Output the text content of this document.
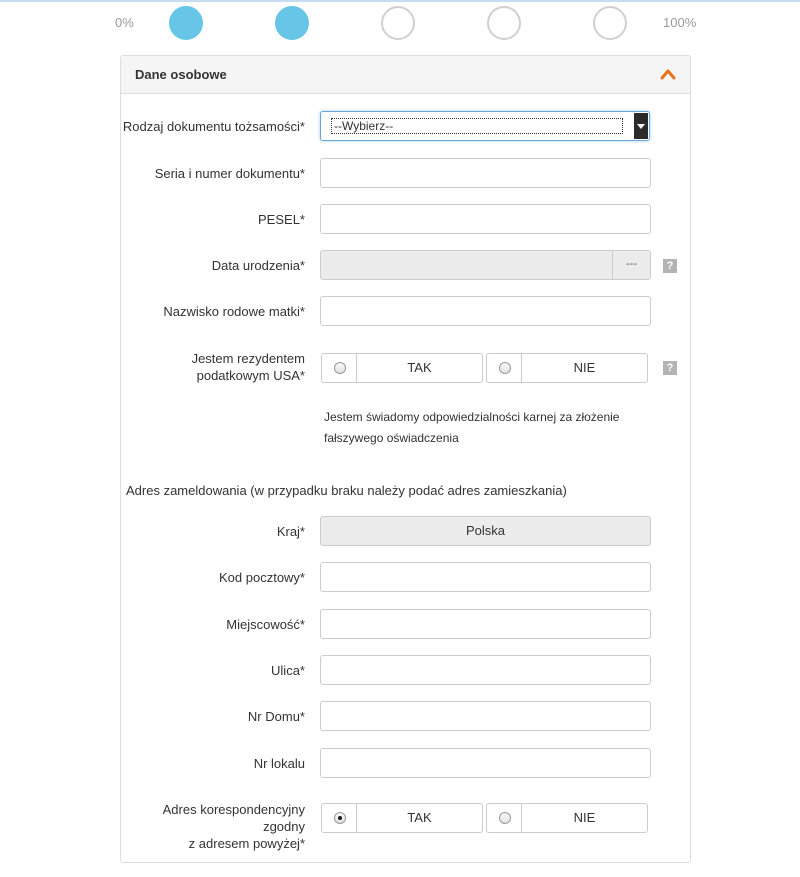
0%	100%
Dane osobowe
Rodzaj dokumentu tożsamości* --Wybierz--
Seria i numer dokumentu*
PESEL*
Data urodzenia*	---	?
Nazwisko rodowe matki*
Jestem rezydentem
podatkowym USA*
TAK	NIE	?
Jestem świadomy odpowiedzialności karnej za złożenie
fałszywego oświadczenia
Adres zameldowania (w przypadku braku należy podać adres zamieszkania)
Kraj*	Polska
Kod pocztowy*
Miejscowość*
Ulica*
Nr Domu*
Nr lokalu
Adres korespondencyjny zgodny
z adresem powyżej*
TAK	NIE
